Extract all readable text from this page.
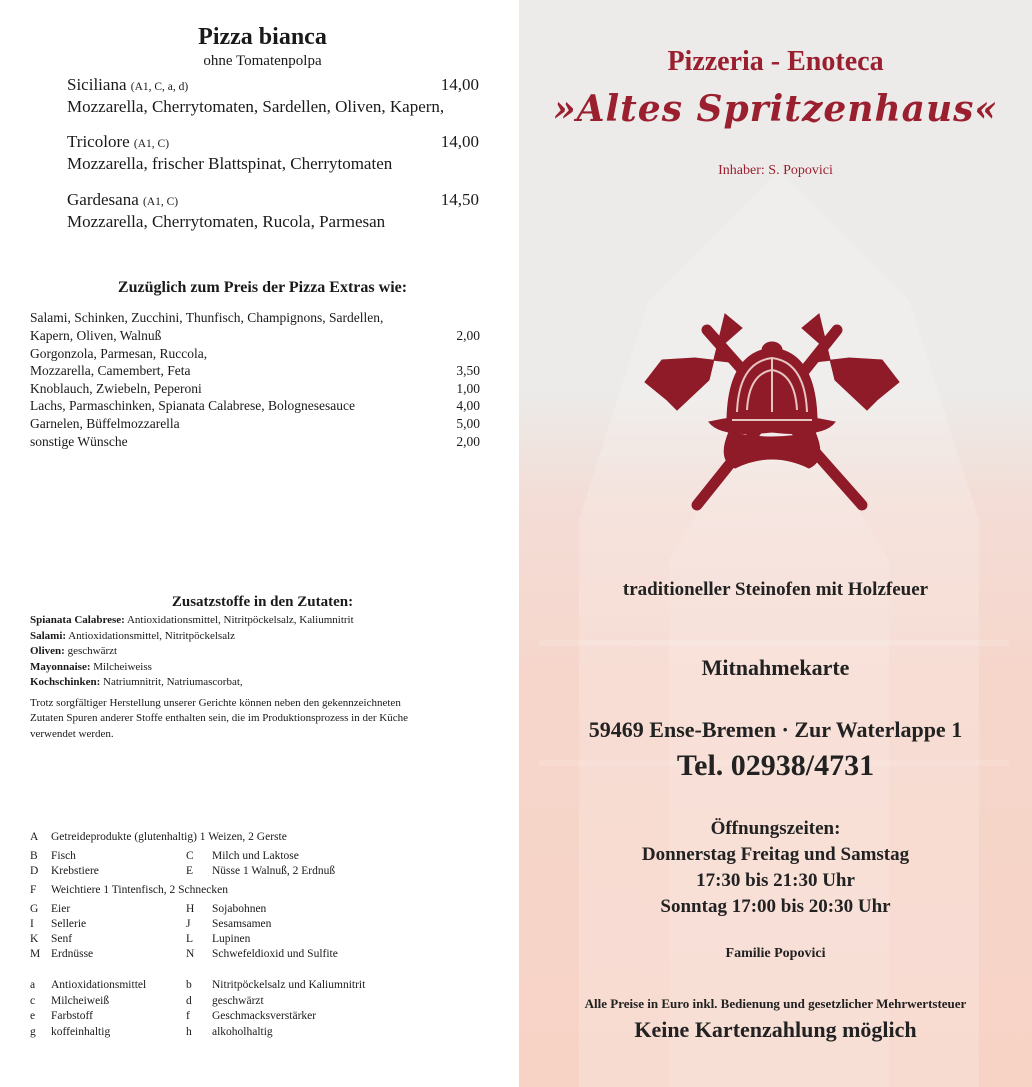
Pizza bianca
ohne Tomatenpolpa
Siciliana (A1, C, a, d)	14,00
Mozzarella, Cherrytomaten, Sardellen, Oliven, Kapern,
Tricolore (A1, C)	14,00
Mozzarella, frischer Blattspinat, Cherrytomaten
Gardesana (A1, C)	14,50
Mozzarella, Cherrytomaten, Rucola, Parmesan
Zuzüglich zum Preis der Pizza Extras wie:
Salami, Schinken, Zucchini, Thunfisch, Champignons, Sardellen,
Kapern, Oliven, Walnuß	2,00
Gorgonzola, Parmesan, Ruccola,
Mozzarella, Camembert, Feta	3,50
Knoblauch, Zwiebeln, Peperoni	1,00
Lachs, Parmaschinken, Spianata Calabrese, Bolognesesauce	4,00
Garnelen, Büffelmozzarella	5,00
sonstige Wünsche	2,00
Zusatzstoffe in den Zutaten:
Spianata Calabrese: Antioxidationsmittel, Nitritpöckelsalz, Kaliumnitrit
Salami: Antioxidationsmittel, Nitritpöckelsalz
Oliven: geschwärzt
Mayonnaise: Milcheiweiss
Kochschinken: Natriumnitrit, Natriumascorbat,
Trotz sorgfältiger Herstellung unserer Gerichte können neben den gekennzeichneten
Zutaten Spuren anderer Stoffe enthalten sein, die im Produktionsprozess in der Küche
verwendet werden.
A Getreideprodukte (glutenhaltig) 1 Weizen, 2 Gerste
B Fisch	C Milch und Laktose
D Krebstiere	E Nüsse 1 Walnuß, 2 Erdnuß
F Weichtiere 1 Tintenfisch, 2 Schnecken
G Eier	H Sojabohnen
I Sellerie	J Sesamsamen
K Senf	L Lupinen
M Erdnüsse	N Schwefeldioxid und Sulfite
a Antioxidationsmittel	b Nitritpöckelsalz und Kaliumnitrit
c Milcheiweiß	d geschwärzt
e Farbstoff	f Geschmacksverstärker
g koffeinhaltig	h alkoholhaltig
Pizzeria - Enoteca
»Altes Spritzenhaus«
Inhaber: S. Popovici
traditioneller Steinofen mit Holzfeuer
Mitnahmekarte
59469 Ense-Bremen · Zur Waterlappe 1
Tel. 02938/4731
Öffnungszeiten:
Donnerstag Freitag und Samstag
17:30 bis 21:30 Uhr
Sonntag 17:00 bis 20:30 Uhr
Familie Popovici
Alle Preise in Euro inkl. Bedienung und gesetzlicher Mehrwertsteuer
Keine Kartenzahlung möglich
